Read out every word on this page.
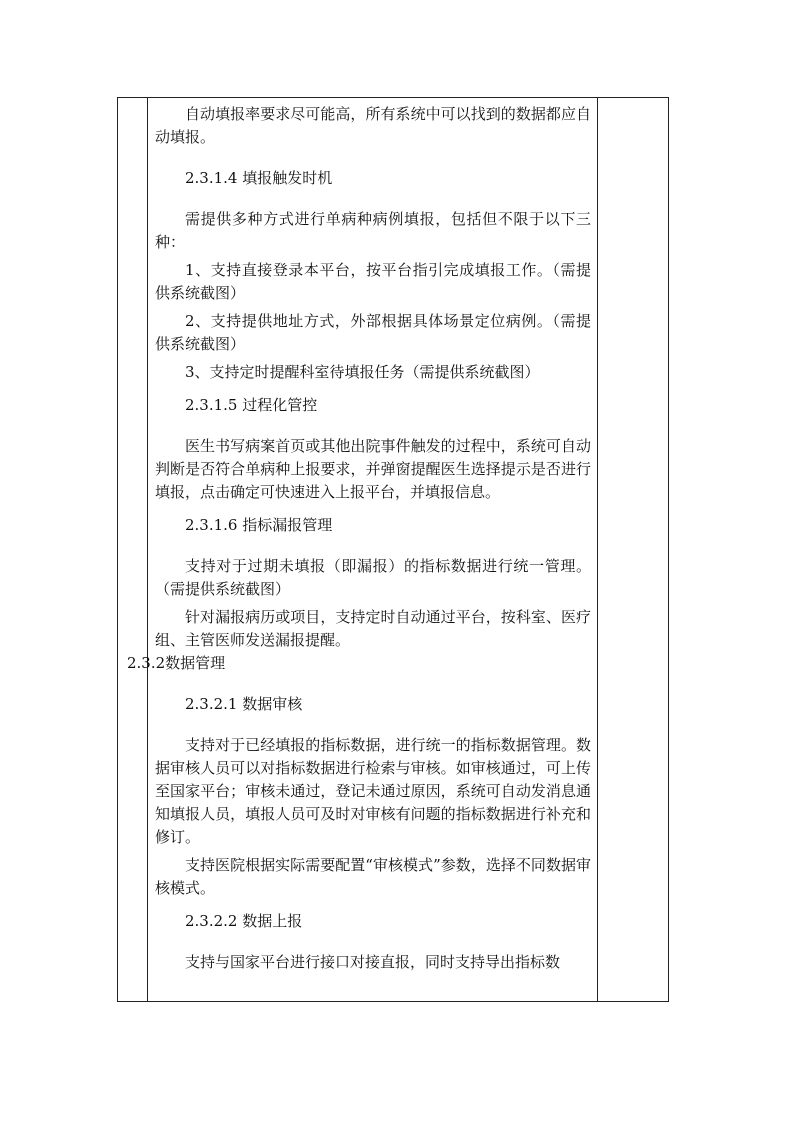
自动填报率要求尽可能高，所有系统中可以找到的数据都应自动填报。

2.3.1.4 填报触发时机

需提供多种方式进行单病种病例填报，包括但不限于以下三种：

1、支持直接登录本平台，按平台指引完成填报工作。（需提供系统截图）

2、支持提供地址方式，外部根据具体场景定位病例。（需提供系统截图）

3、支持定时提醒科室待填报任务（需提供系统截图）

2.3.1.5 过程化管控

医生书写病案首页或其他出院事件触发的过程中，系统可自动判断是否符合单病种上报要求，并弹窗提醒医生选择提示是否进行填报，点击确定可快速进入上报平台，并填报信息。

2.3.1.6 指标漏报管理

支持对于过期未填报（即漏报）的指标数据进行统一管理。（需提供系统截图）

针对漏报病历或项目，支持定时自动通过平台，按科室、医疗组、主管医师发送漏报提醒。

2.3.2数据管理

2.3.2.1 数据审核

支持对于已经填报的指标数据，进行统一的指标数据管理。数据审核人员可以对指标数据进行检索与审核。如审核通过，可上传至国家平台；审核未通过，登记未通过原因，系统可自动发消息通知填报人员，填报人员可及时对审核有问题的指标数据进行补充和修订。

支持医院根据实际需要配置“审核模式”参数，选择不同数据审核模式。

2.3.2.2 数据上报

支持与国家平台进行接口对接直报，同时支持导出指标数
